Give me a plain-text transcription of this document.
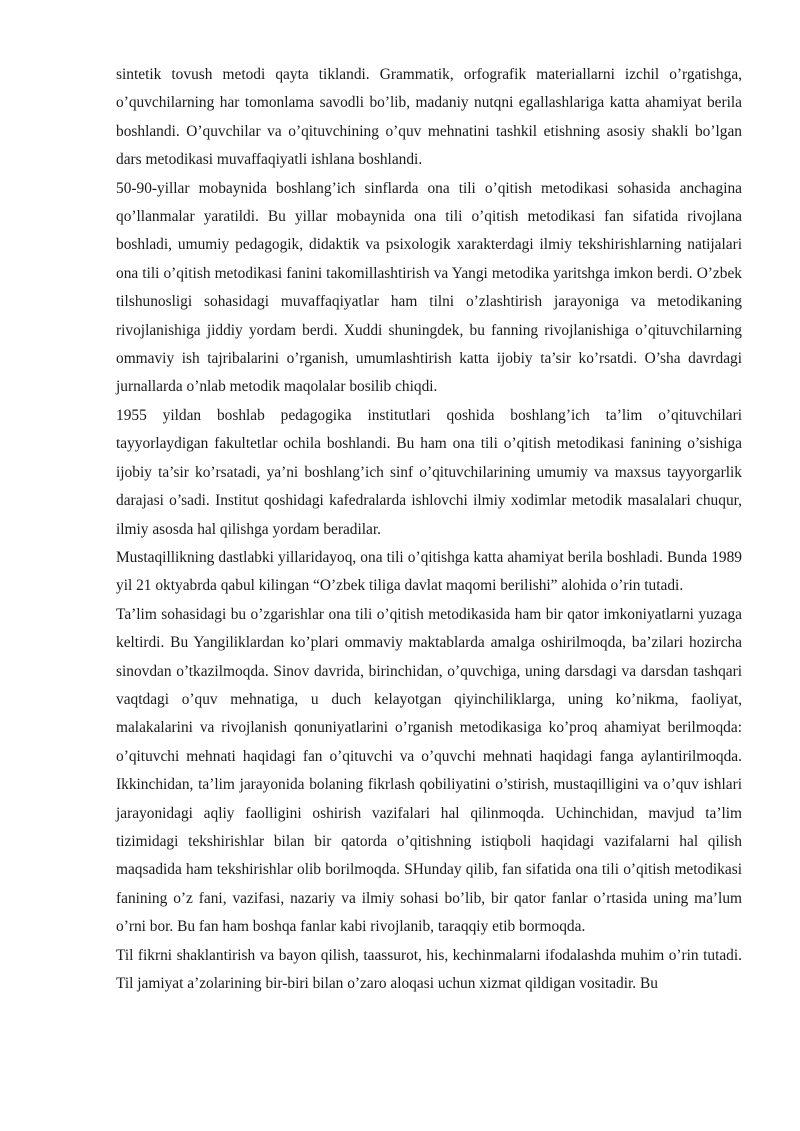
sintetik tovush metodi qayta tiklandi. Grammatik, orfografik materiallarni izchil o’rgatishga, o’quvchilarning har tomonlama savodli bo’lib, madaniy nutqni egallashlariga katta ahamiyat berila boshlandi. O’quvchilar va o’qituvchining o’quv mehnatini tashkil etishning asosiy shakli bo’lgan dars metodikasi muvaffaqiyatli ishlana boshlandi.

50-90-yillar mobaynida boshlang’ich sinflarda ona tili o’qitish metodikasi sohasida anchagina qo’llanmalar yaratildi. Bu yillar mobaynida ona tili o’qitish metodikasi fan sifatida rivojlana boshladi, umumiy pedagogik, didaktik va psixologik xarakterdagi ilmiy tekshirishlarning natijalari ona tili o’qitish metodikasi fanini takomillashtirish va Yangi metodika yaritshga imkon berdi. O’zbek tilshunosligi sohasidagi muvaffaqiyatlar ham tilni o’zlashtirish jarayoniga va metodikaning rivojlanishiga jiddiy yordam berdi. Xuddi shuningdek, bu fanning rivojlanishiga o’qituvchilarning ommaviy ish tajribalarini o’rganish, umumlashtirish katta ijobiy ta’sir ko’rsatdi. O’sha davrdagi jurnallarda o’nlab metodik maqolalar bosilib chiqdi.

1955 yildan boshlab pedagogika institutlari qoshida boshlang’ich ta’lim o’qituvchilari tayyorlaydigan fakultetlar ochila boshlandi. Bu ham ona tili o’qitish metodikasi fanining o’sishiga ijobiy ta’sir ko’rsatadi, ya’ni boshlang’ich sinf o’qituvchilarining umumiy va maxsus tayyorgarlik darajasi o’sadi. Institut qoshidagi kafedralarda ishlovchi ilmiy xodimlar metodik masalalari chuqur, ilmiy asosda hal qilishga yordam beradilar.

Mustaqillikning dastlabki yillaridayoq, ona tili o’qitishga katta ahamiyat berila boshladi. Bunda 1989 yil 21 oktyabrda qabul kilingan “O’zbek tiliga davlat maqomi berilishi” alohida o’rin tutadi.

Ta’lim sohasidagi bu o’zgarishlar ona tili o’qitish metodikasida ham bir qator imkoniyatlarni yuzaga keltirdi. Bu Yangiliklardan ko’plari ommaviy maktablarda amalga oshirilmoqda, ba’zilari hozircha sinovdan o’tkazilmoqda. Sinov davrida, birinchidan, o’quvchiga, uning darsdagi va darsdan tashqari vaqtdagi o’quv mehnatiga, u duch kelayotgan qiyinchiliklarga, uning ko’nikma, faoliyat, malakalarini va rivojlanish qonuniyatlarini o’rganish metodikasiga ko’proq ahamiyat berilmoqda: o’qituvchi mehnati haqidagi fan o’qituvchi va o’quvchi mehnati haqidagi fanga aylantirilmoqda. Ikkinchidan, ta’lim jarayonida bolaning fikrlash qobiliyatini o’stirish, mustaqilligini va o’quv ishlari jarayonidagi aqliy faolligini oshirish vazifalari hal qilinmoqda. Uchinchidan, mavjud ta’lim tizimidagi tekshirishlar bilan bir qatorda o’qitishning istiqboli haqidagi vazifalarni hal qilish maqsadida ham tekshirishlar olib borilmoqda. SHunday qilib, fan sifatida ona tili o’qitish metodikasi fanining o’z fani, vazifasi, nazariy va ilmiy sohasi bo’lib, bir qator fanlar o’rtasida uning ma’lum o’rni bor. Bu fan ham boshqa fanlar kabi rivojlanib, taraqqiy etib bormoqda.

Til fikrni shaklantirish va bayon qilish, taassurot, his, kechinmalarni ifodalashda muhim o’rin tutadi. Til jamiyat a’zolarining bir-biri bilan o’zaro aloqasi uchun xizmat qildigan vositadir. Bu
